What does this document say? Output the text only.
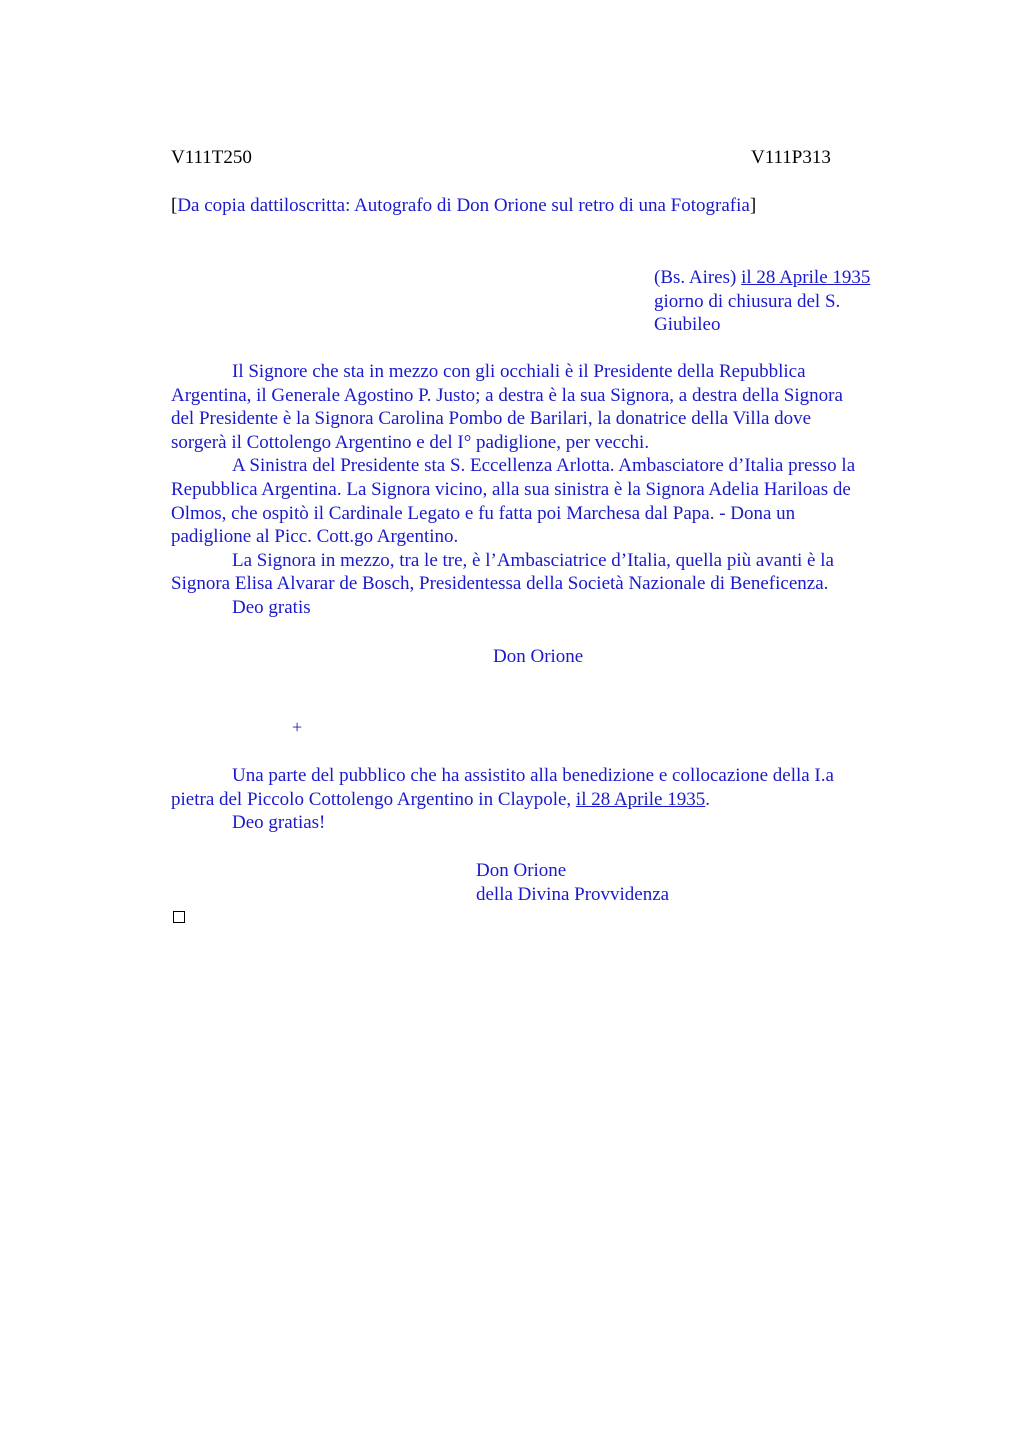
V111T250	V111P313
[Da copia dattiloscritta: Autografo di Don Orione sul retro di una Fotografia]
(Bs. Aires) il 28 Aprile 1935
giorno di chiusura del S.
Giubileo
Il Signore che sta in mezzo con gli occhiali è il Presidente della Repubblica
Argentina, il Generale Agostino P. Justo; a destra è la sua Signora, a destra della Signora
del Presidente è la Signora Carolina Pombo de Barilari, la donatrice della Villa dove
sorgerà il Cottolengo Argentino e del I° padiglione, per vecchi.
A Sinistra del Presidente sta S. Eccellenza Arlotta. Ambasciatore d’Italia presso la
Repubblica Argentina. La Signora vicino, alla sua sinistra è la Signora Adelia Hariloas de
Olmos, che ospitò il Cardinale Legato e fu fatta poi Marchesa dal Papa. - Dona un
padiglione al Picc. Cott.go Argentino.
La Signora in mezzo, tra le tre, è l’Ambasciatrice d’Italia, quella più avanti è la
Signora Elisa Alvarar de Bosch, Presidentessa della Società Nazionale di Beneficenza.
Deo gratis
Don Orione
+
Una parte del pubblico che ha assistito alla benedizione e collocazione della I.a
pietra del Piccolo Cottolengo Argentino in Claypole, il 28 Aprile 1935.
Deo gratias!
Don Orione
della Divina Provvidenza
